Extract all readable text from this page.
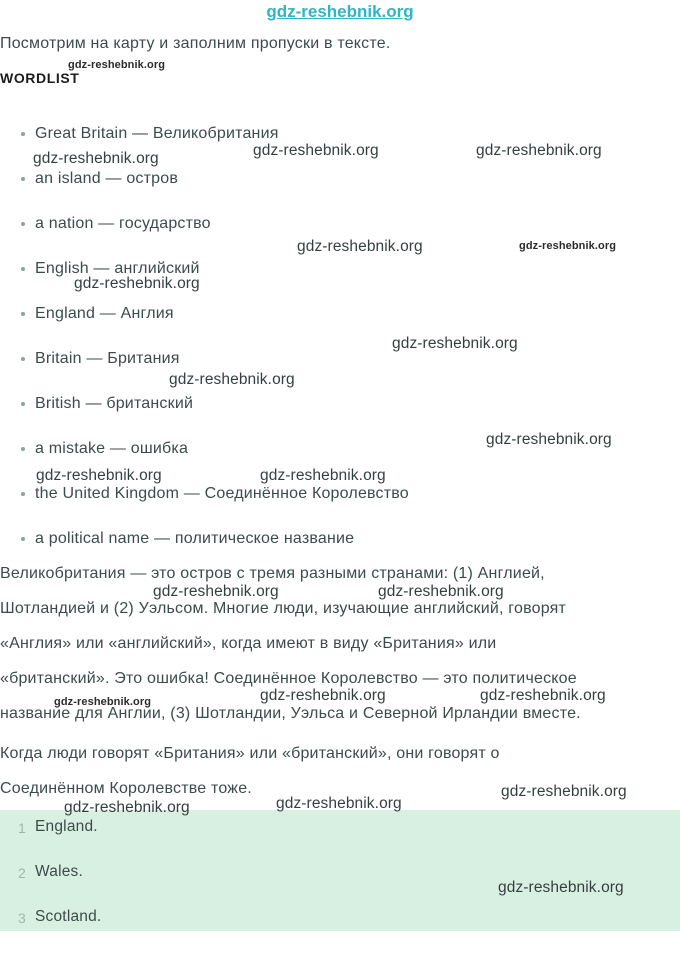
gdz-reshebnik.org
Посмотрим на карту и заполним пропуски в тексте.
WORDLIST
Great Britain — Великобритания
an island — остров
a nation — государство
English — английский
England — Англия
Britain — Британия
British — британский
a mistake — ошибка
the United Kingdom — Соединённое Королевство
a political name — политическое название
Великобритания — это остров с тремя разными странами: (1) Англией,
Шотландией и (2) Уэльсом. Многие люди, изучающие английский, говорят
«Англия» или «английский», когда имеют в виду «Британия» или
«британский». Это ошибка! Соединённое Королевство — это политическое
название для Англии, (3) Шотландии, Уэльса и Северной Ирландии вместе.
Когда люди говорят «Британия» или «британский», они говорят о
Соединённом Королевстве тоже.
1 England.
2 Wales.
3 Scotland.
gdz-reshebnik.org
gdz-reshebnik.org	gdz-reshebnik.org
gdz-reshebnik.org
gdz-reshebnik.org	gdz-reshebnik.org
gdz-reshebnik.org
gdz-reshebnik.org
gdz-reshebnik.org
gdz-reshebnik.org
gdz-reshebnik.org	gdz-reshebnik.org
gdz-reshebnik.org	gdz-reshebnik.org
gdz-reshebnik.org	gdz-reshebnik.org	gdz-reshebnik.org
gdz-reshebnik.org
gdz-reshebnik.org	gdz-reshebnik.org
gdz-reshebnik.org
